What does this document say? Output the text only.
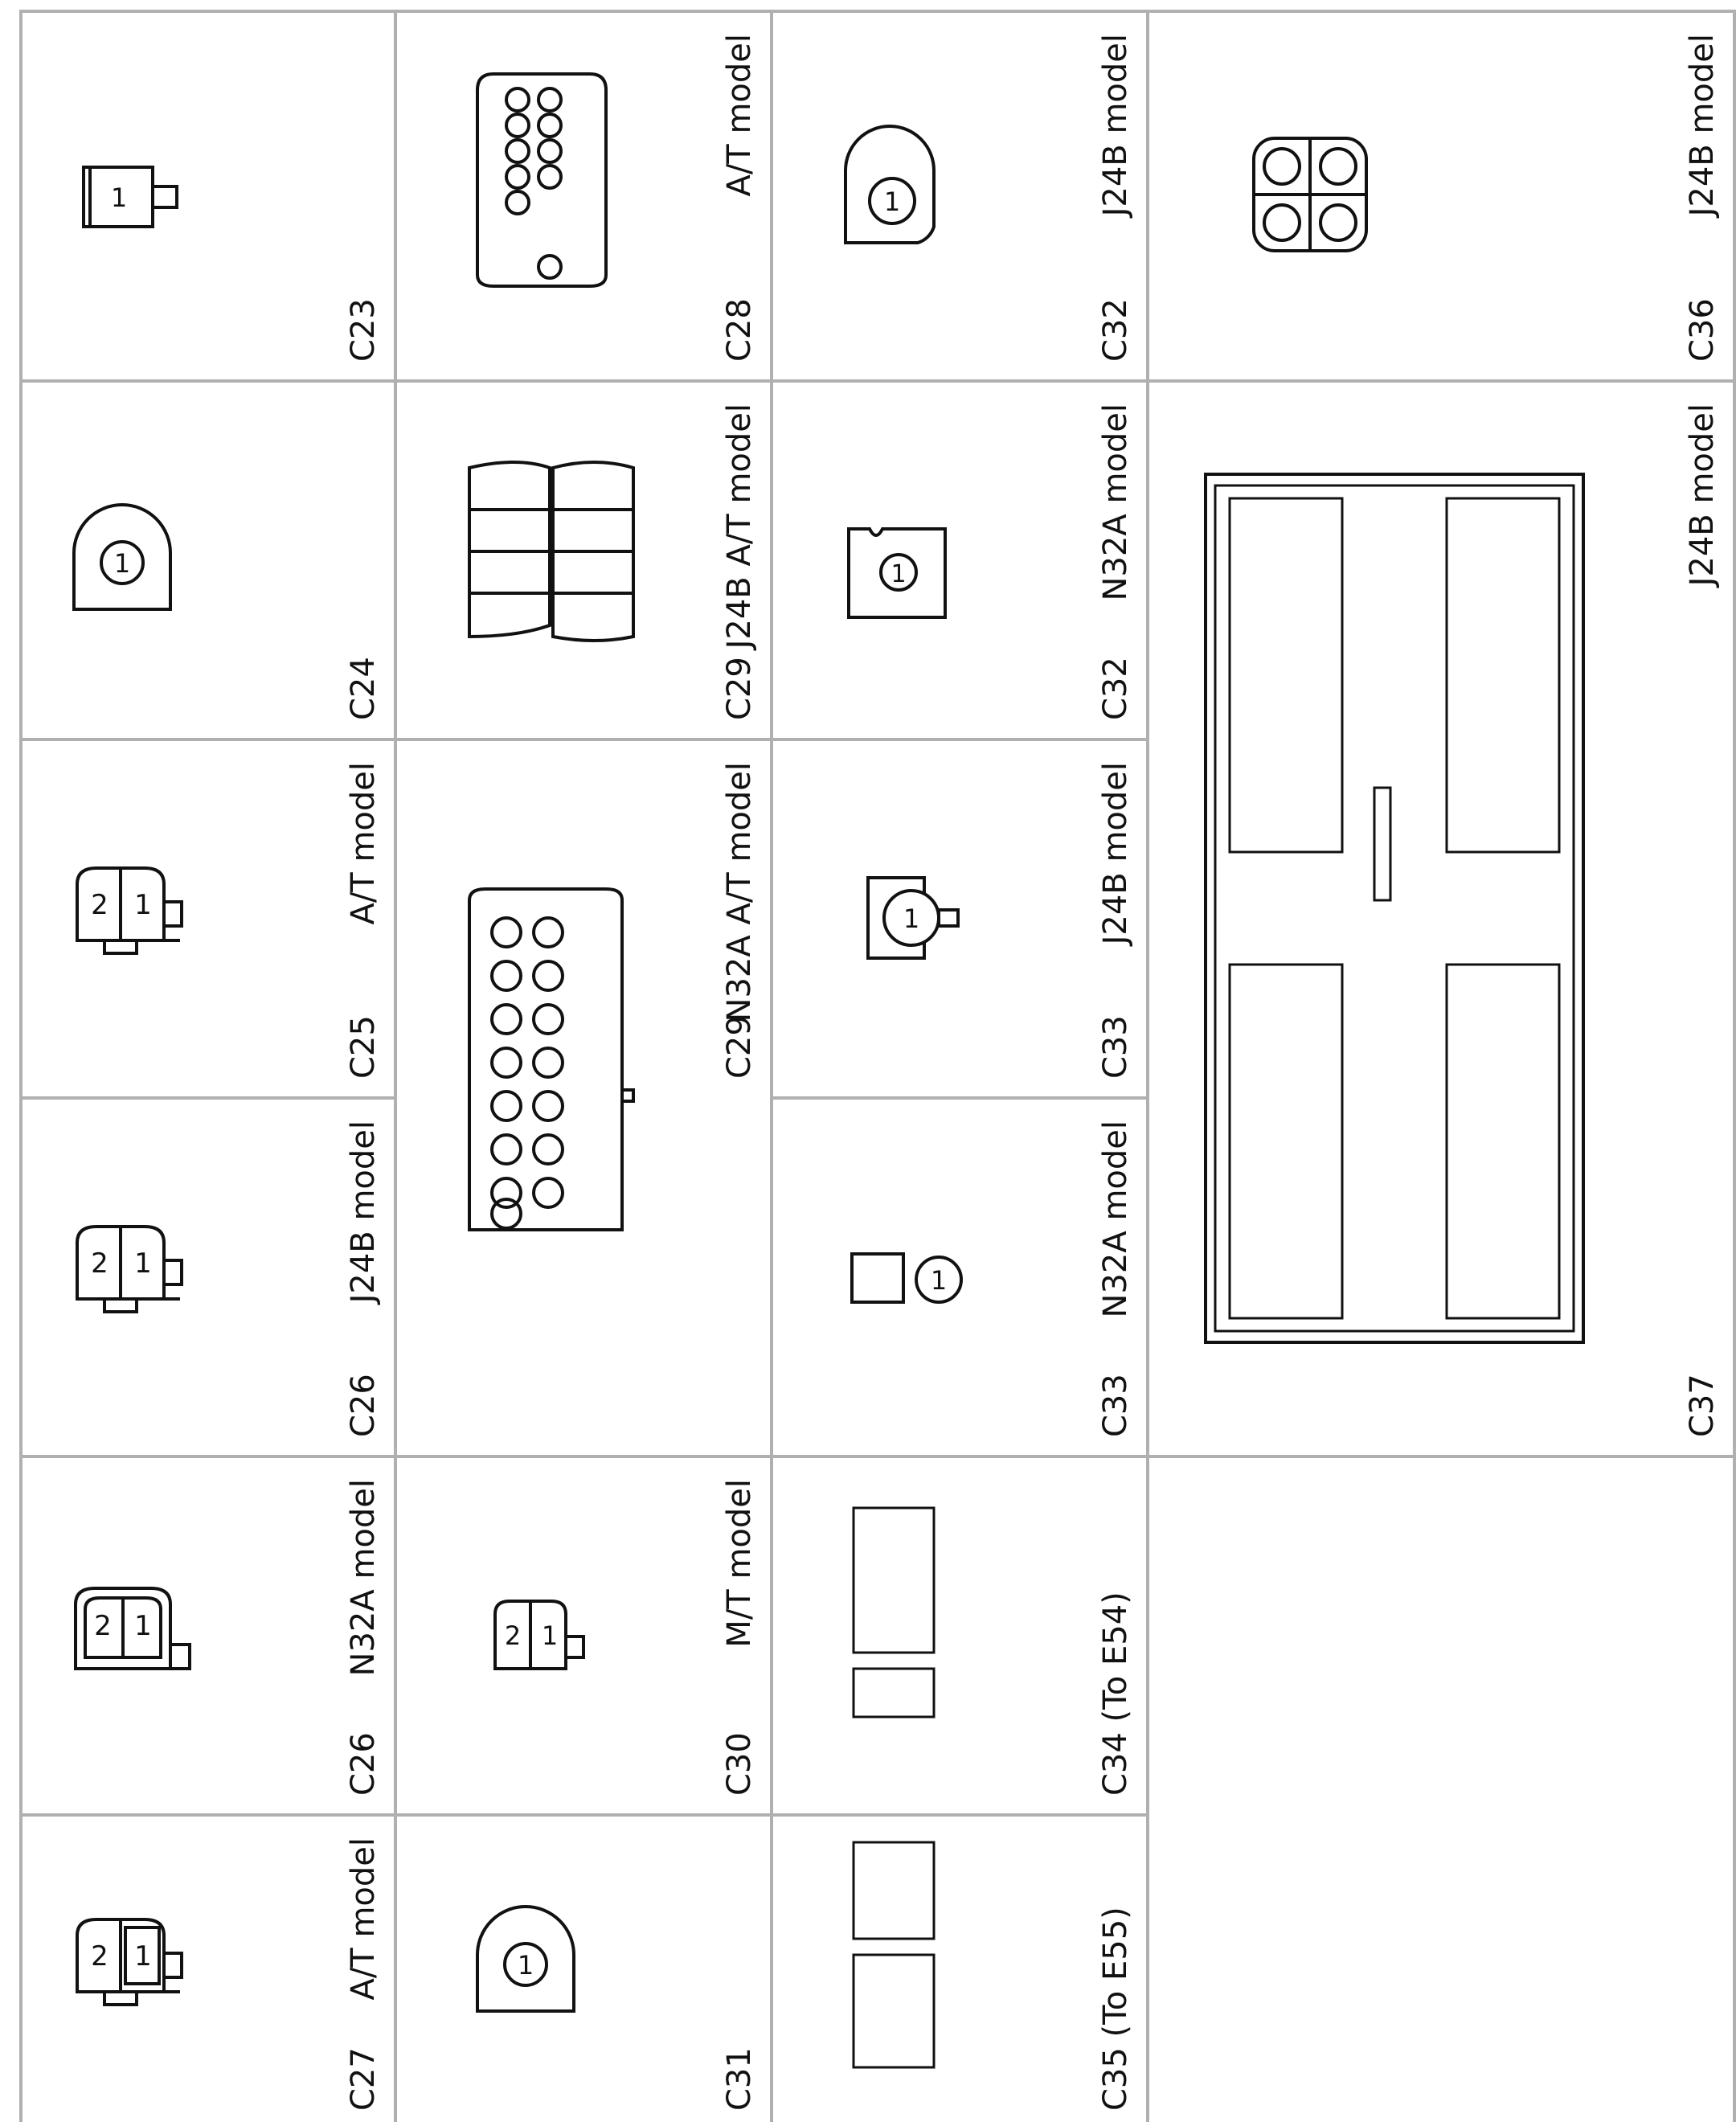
C27
A/T model
2 1
C26
N32A model
2 1
C26
J24B model
2 1
C25
A/T model
2 1
C24
1
C23
1
C31
1
C30
M/T model
2 1
C29
N32A A/T model
C29
J24B A/T model
C28
A/T model
C35 (To E55)
C34 (To E54)
C33
N32A model
1
C33
J24B model
1
C32
N32A model
1
C32
J24B model
1
C37
J24B model
C36
J24B model
